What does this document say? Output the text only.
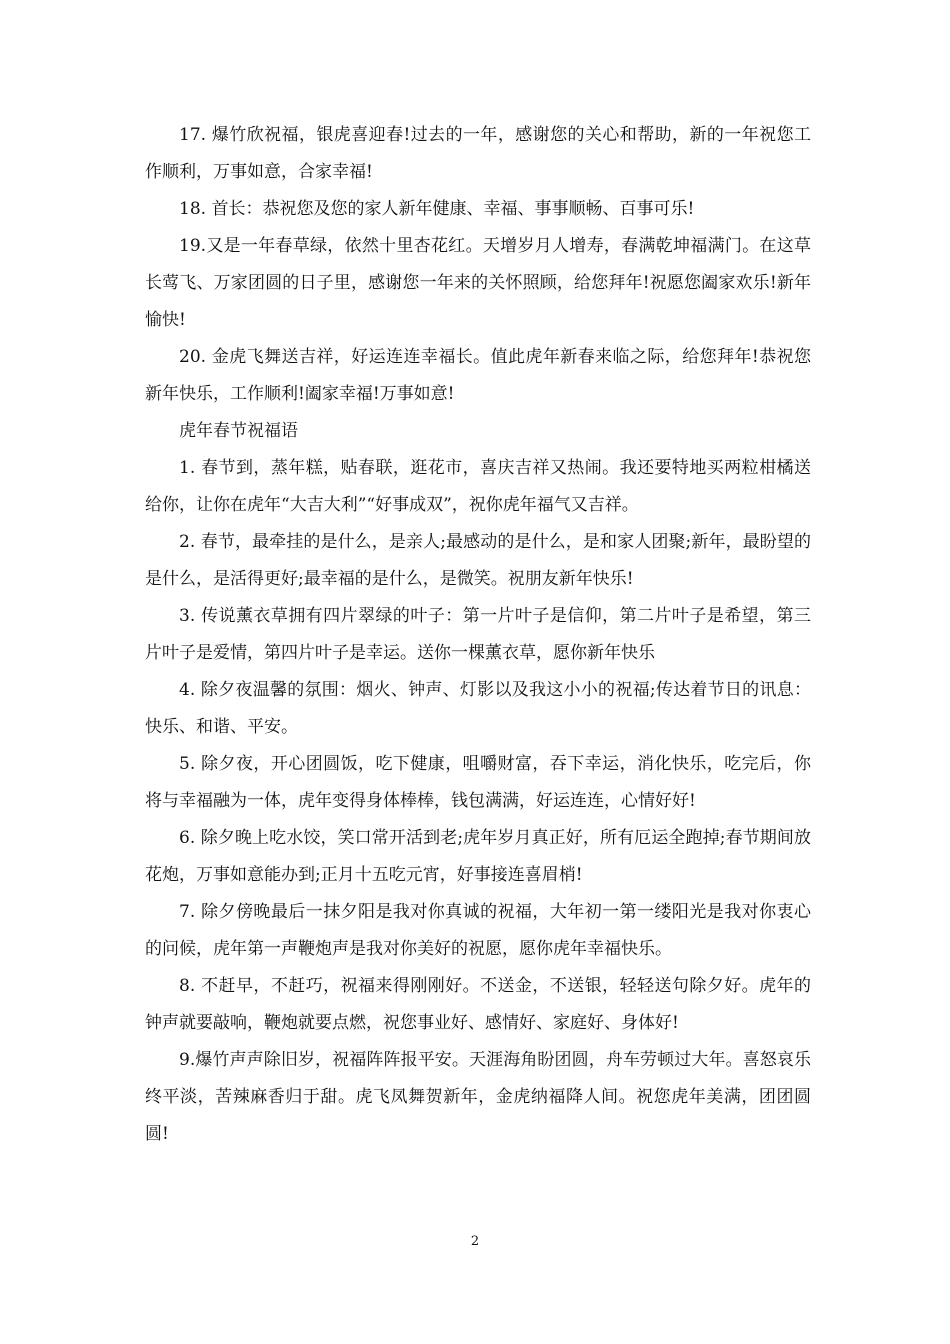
17. 爆竹欣祝福，银虎喜迎春!过去的一年，感谢您的关心和帮助，新的一年祝您工作顺利，万事如意，合家幸福!

18. 首长：恭祝您及您的家人新年健康、幸福、事事顺畅、百事可乐!

19.又是一年春草绿，依然十里杏花红。天增岁月人增寿，春满乾坤福满门。在这草长莺飞、万家团圆的日子里，感谢您一年来的关怀照顾，给您拜年!祝愿您阖家欢乐!新年愉快!

20. 金虎飞舞送吉祥，好运连连幸福长。值此虎年新春来临之际，给您拜年!恭祝您新年快乐，工作顺利!阖家幸福!万事如意!

虎年春节祝福语

1. 春节到，蒸年糕，贴春联，逛花市，喜庆吉祥又热闹。我还要特地买两粒柑橘送给你，让你在虎年“大吉大利”“好事成双”，祝你虎年福气又吉祥。

2. 春节，最牵挂的是什么，是亲人;最感动的是什么，是和家人团聚;新年，最盼望的是什么，是活得更好;最幸福的是什么，是微笑。祝朋友新年快乐!

3. 传说薰衣草拥有四片翠绿的叶子：第一片叶子是信仰，第二片叶子是希望，第三片叶子是爱情，第四片叶子是幸运。送你一棵薰衣草，愿你新年快乐

4. 除夕夜温馨的氛围：烟火、钟声、灯影以及我这小小的祝福;传达着节日的讯息：快乐、和谐、平安。

5. 除夕夜，开心团圆饭，吃下健康，咀嚼财富，吞下幸运，消化快乐，吃完后，你将与幸福融为一体，虎年变得身体棒棒，钱包满满，好运连连，心情好好!

6. 除夕晚上吃水饺，笑口常开活到老;虎年岁月真正好，所有厄运全跑掉;春节期间放花炮，万事如意能办到;正月十五吃元宵，好事接连喜眉梢!

7. 除夕傍晚最后一抹夕阳是我对你真诚的祝福，大年初一第一缕阳光是我对你衷心的问候，虎年第一声鞭炮声是我对你美好的祝愿，愿你虎年幸福快乐。

8. 不赶早，不赶巧，祝福来得刚刚好。不送金，不送银，轻轻送句除夕好。虎年的钟声就要敲响，鞭炮就要点燃，祝您事业好、感情好、家庭好、身体好!

9.爆竹声声除旧岁，祝福阵阵报平安。天涯海角盼团圆，舟车劳顿过大年。喜怒哀乐终平淡，苦辣麻香归于甜。虎飞凤舞贺新年，金虎纳福降人间。祝您虎年美满，团团圆圆!

2
